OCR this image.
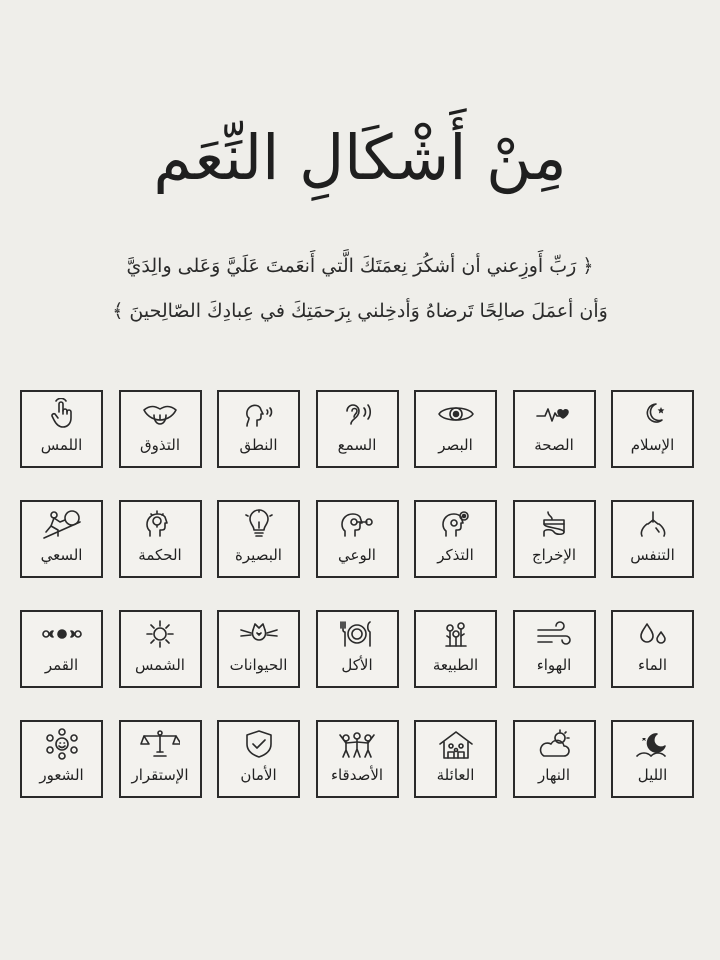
مِنْ أَشْكَالِ النِّعَم
﴿ رَبِّ أَوزِعني أن أشكُرَ نِعمَتَكَ الَّتي أَنعَمتَ عَلَيَّ وَعَلى والِدَيَّ
وَأن أعمَلَ صالِحًا تَرضاهُ وَأدخِلني بِرَحمَتِكَ في عِبادِكَ الصّالِحينَ ﴾
الإسلام
الصحة
البصر
السمع
النطق
التذوق
اللمس
التنفس
الإخراج
التذكر
الوعي
البصيرة
الحكمة
السعي
الماء
الهواء
الطبيعة
الأكل
الحيوانات
الشمس
القمر
الليل
النهار
العائلة
الأصدقاء
الأمان
الإستقرار
الشعور
